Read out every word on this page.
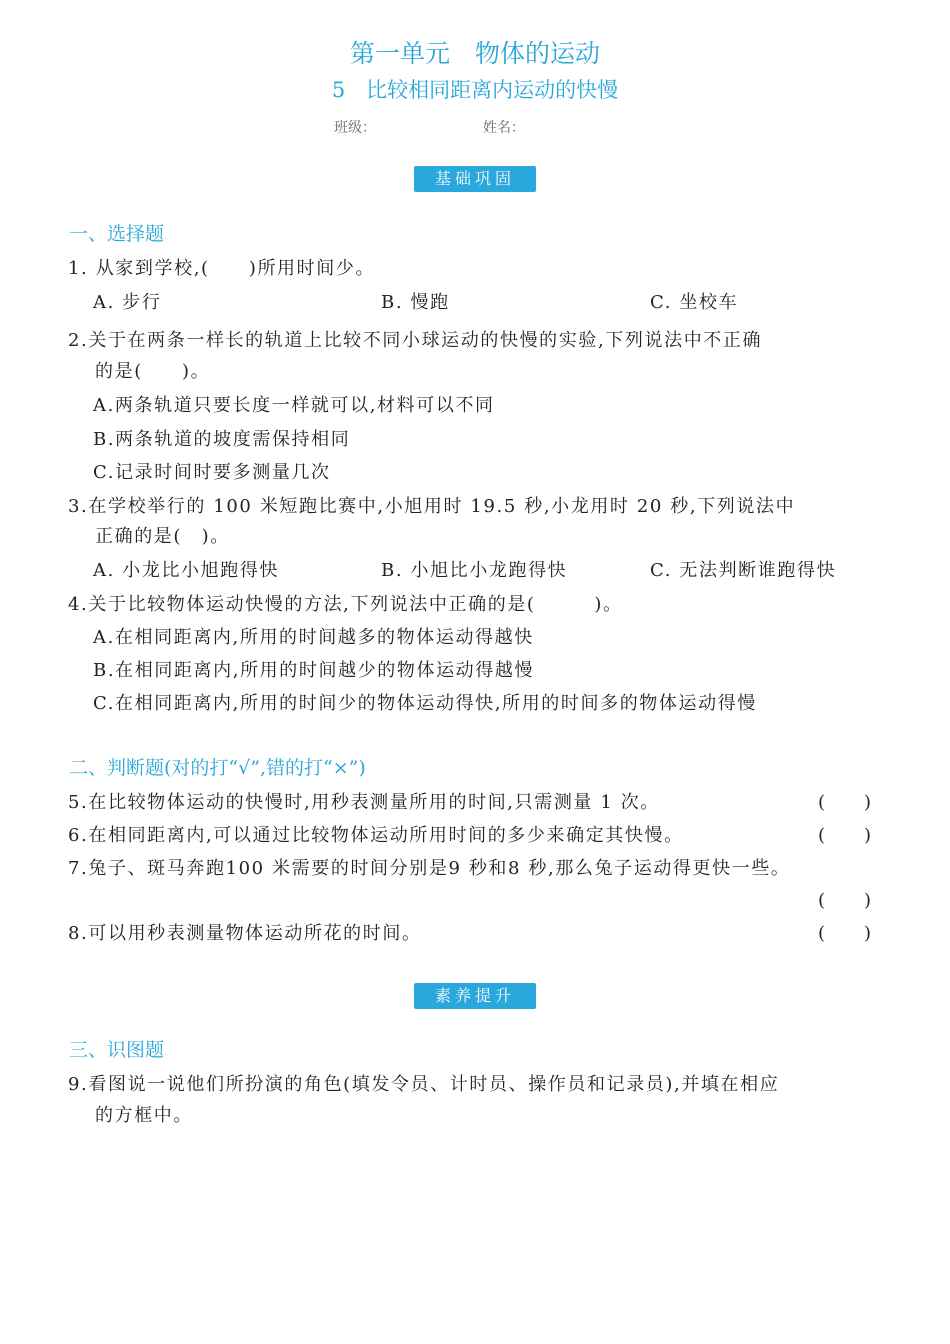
第一单元　物体的运动
5　比较相同距离内运动的快慢
班级：	姓名：
基础巩固
一、选择题
1. 从家到学校,(　　)所用时间少。
A. 步行	B. 慢跑	C. 坐校车
2.关于在两条一样长的轨道上比较不同小球运动的快慢的实验,下列说法中不正确
的是(　　)。
A.两条轨道只要长度一样就可以,材料可以不同
B.两条轨道的坡度需保持相同
C.记录时间时要多测量几次
3.在学校举行的 100 米短跑比赛中,小旭用时 19.5 秒,小龙用时 20 秒,下列说法中
正确的是(　)。
A. 小龙比小旭跑得快	B. 小旭比小龙跑得快	C. 无法判断谁跑得快
4.关于比较物体运动快慢的方法,下列说法中正确的是(　　　)。
A.在相同距离内,所用的时间越多的物体运动得越快
B.在相同距离内,所用的时间越少的物体运动得越慢
C.在相同距离内,所用的时间少的物体运动得快,所用的时间多的物体运动得慢
二、判断题(对的打“√”,错的打“×”)
5.在比较物体运动的快慢时,用秒表测量所用的时间,只需测量 1 次。	(　　)
6.在相同距离内,可以通过比较物体运动所用时间的多少来确定其快慢。	(　　)
7.兔子、斑马奔跑100 米需要的时间分别是9 秒和8 秒,那么兔子运动得更快一些。
(　　)
8.可以用秒表测量物体运动所花的时间。	(　　)
素养提升
三、识图题
9.看图说一说他们所扮演的角色(填发令员、计时员、操作员和记录员),并填在相应
的方框中。
